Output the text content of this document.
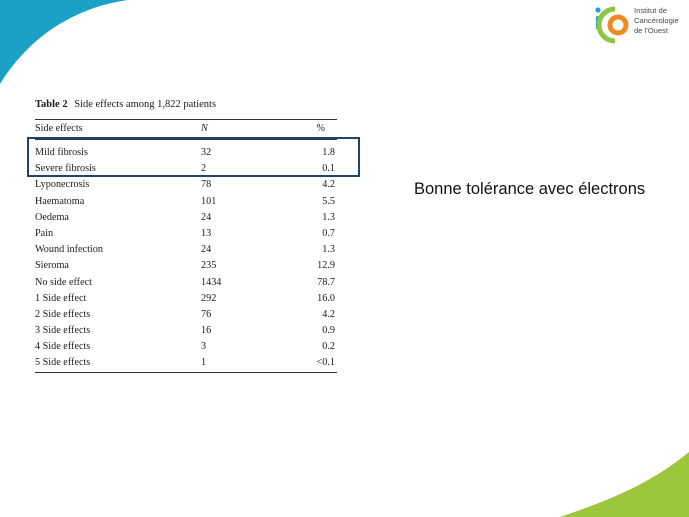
Institut de
Cancérologie
de l'Ouest
Table 2 Side effects among 1,822 patients
Side effects	N	%
Mild fibrosis	32	1.8
Severe fibrosis	2	0.1
Lyponecrosis	78	4.2
Haematoma	101	5.5
Oedema	24	1.3
Pain	13	0.7
Wound infection	24	1.3
Sieroma	235	12.9
No side effect	1434	78.7
1 Side effect	292	16.0
2 Side effects	76	4.2
3 Side effects	16	0.9
4 Side effects	3	0.2
5 Side effects	1	<0.1
Bonne tolérance avec électrons
